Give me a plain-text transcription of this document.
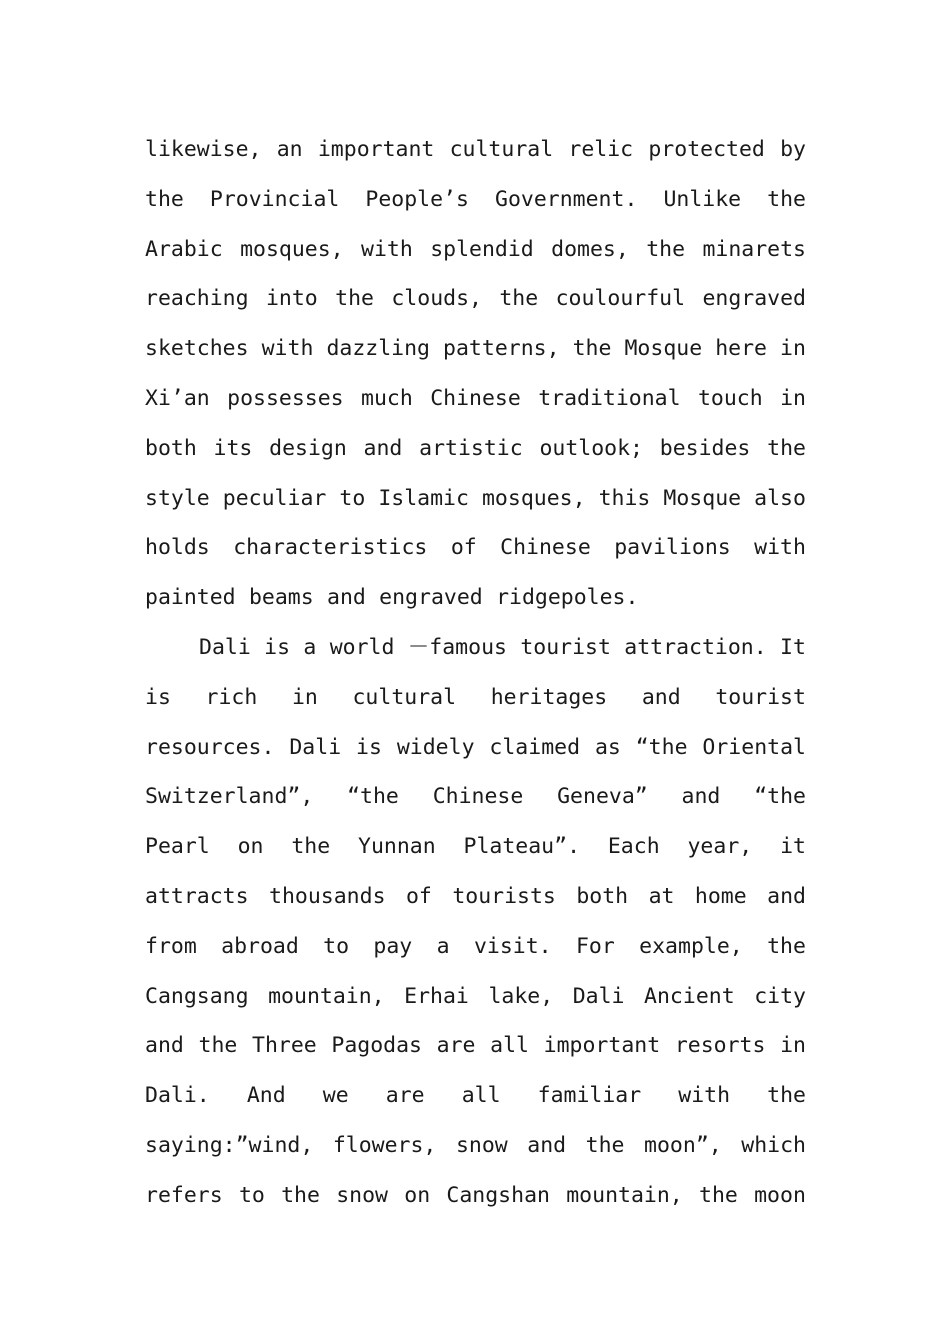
likewise, an important cultural relic protected by
the Provincial People’s Government. Unlike the
Arabic mosques, with splendid domes, the minarets
reaching into the clouds, the coulourful engraved
sketches with dazzling patterns, the Mosque here in
Xi’an possesses much Chinese traditional touch in
both its design and artistic outlook; besides the
style peculiar to Islamic mosques, this Mosque also
holds characteristics of Chinese pavilions with
painted beams and engraved ridgepoles.
Dali is a world －famous tourist attraction. It
is rich in cultural heritages and tourist
resources. Dali is widely claimed as “the Oriental
Switzerland”, “the Chinese Geneva” and “the
Pearl on the Yunnan Plateau”. Each year, it
attracts thousands of tourists both at home and
from abroad to pay a visit. For example, the
Cangsang mountain, Erhai lake, Dali Ancient city
and the Three Pagodas are all important resorts in
Dali. And we are all familiar with the
saying:”wind, flowers, snow and the moon”, which
refers to the snow on Cangshan mountain, the moon
